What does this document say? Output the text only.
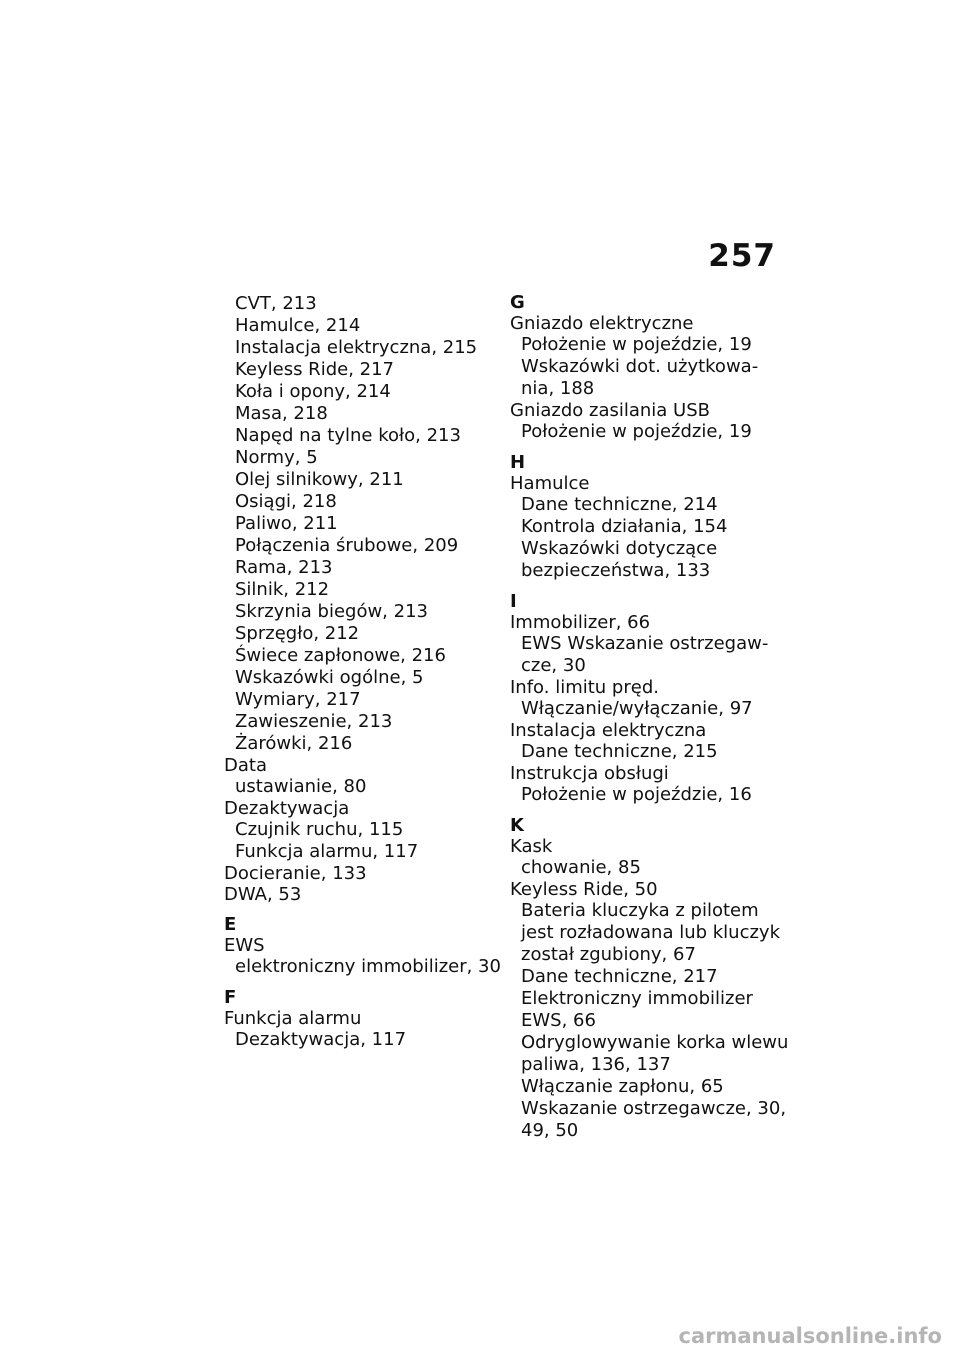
257
CVT, 213
Hamulce, 214
Instalacja elektryczna, 215
Keyless Ride, 217
Koła i opony, 214
Masa, 218
Napęd na tylne koło, 213
Normy, 5
Olej silnikowy, 211
Osiągi, 218
Paliwo, 211
Połączenia śrubowe, 209
Rama, 213
Silnik, 212
Skrzynia biegów, 213
Sprzęgło, 212
Świece zapłonowe, 216
Wskazówki ogólne, 5
Wymiary, 217
Zawieszenie, 213
Żarówki, 216
Data
ustawianie, 80
Dezaktywacja
Czujnik ruchu, 115
Funkcja alarmu, 117
Docieranie, 133
DWA, 53
E
EWS
elektroniczny immobilizer, 30
F
Funkcja alarmu
Dezaktywacja, 117
G
Gniazdo elektryczne
Położenie w pojeździe, 19
Wskazówki dot. użytkowa-
nia, 188
Gniazdo zasilania USB
Położenie w pojeździe, 19
H
Hamulce
Dane techniczne, 214
Kontrola działania, 154
Wskazówki dotyczące
bezpieczeństwa, 133
I
Immobilizer, 66
EWS Wskazanie ostrzegaw-
cze, 30
Info. limitu pręd.
Włączanie/wyłączanie, 97
Instalacja elektryczna
Dane techniczne, 215
Instrukcja obsługi
Położenie w pojeździe, 16
K
Kask
chowanie, 85
Keyless Ride, 50
Bateria kluczyka z pilotem
jest rozładowana lub kluczyk
został zgubiony, 67
Dane techniczne, 217
Elektroniczny immobilizer
EWS, 66
Odryglowywanie korka wlewu
paliwa, 136, 137
Włączanie zapłonu, 65
Wskazanie ostrzegawcze, 30,
49, 50
carmanualsonline.info
